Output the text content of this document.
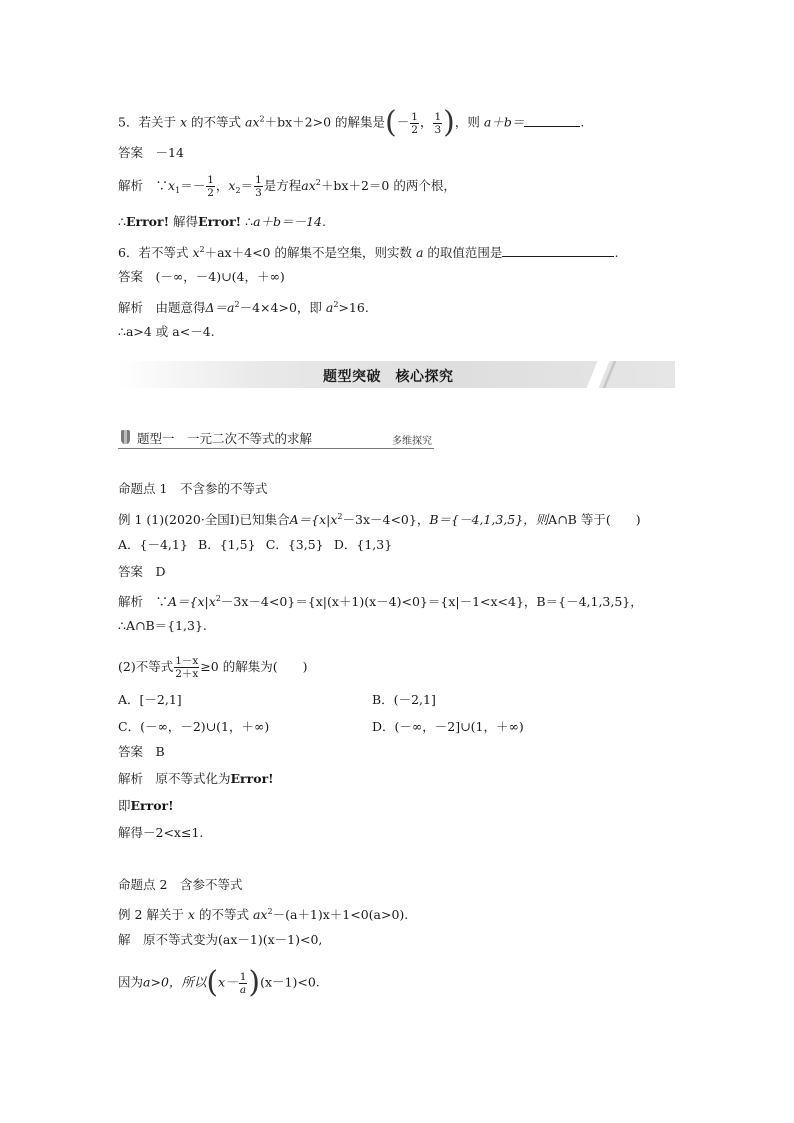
5．若关于 x 的不等式 $ax^2+bx+2>0$ 的解集是(－ $\frac{1}{2}$ ， $\frac{1}{3}$ )，则 a＋b＝	.
答案  －14
解析  $\because x_1=- \frac{1}{2}$ ，$x_2= \frac{1}{3}$ 是方程$ax^2+bx+2=0$ 的两个根，
∴Error! 解得Error! ∴a＋b＝－14.
6．若不等式 $x^2+ax+4<0$ 的解集不是空集，则实数 a 的取值范围是	.
答案  (－∞，－4)∪(4，＋∞)
解析  由题意得$\Delta=a^2-4\times 4>0$，即 $a^2>16$.
∴a>4 或 a<－4.
题型突破　核心探究
题型一　一元二次不等式的求解	多维探究
命题点 1  不含参的不等式
例 1 (1)(2020·全国Ⅰ)已知集合$A=\{x|x^2-3x-4<0\}$，B＝{－4,1,3,5}，则A∩B 等于(　　)
A．{－4,1}  B．{1,5}  C．{3,5}  D．{1,3}
答案  D
解析  $\because A=\{x|x^2-3x-4<0\}=\{x|(x+1)(x-4)<0\}=\{x|-1<x<4\}$，B＝{－4,1,3,5}，
∴A∩B＝{1,3}.
(2)不等式 $\frac{1-x}{2+x} \ge 0$ 的解集为(　　)
A．[－2,1]	B．(－2,1]
C．(－∞，－2)∪(1，＋∞)	D．(－∞，－2]∪(1，＋∞)
答案  B
解析  原不等式化为Error!
即Error!
解得－2<x≤1.
命题点 2  含参不等式
例 2 解关于 x 的不等式 $ax^2-(a+1)x+1<0(a>0)$.
解  原不等式变为(ax－1)(x－1)<0,
因为a>0，所以$(x- \frac{1}{a})(x-1)<0$.
